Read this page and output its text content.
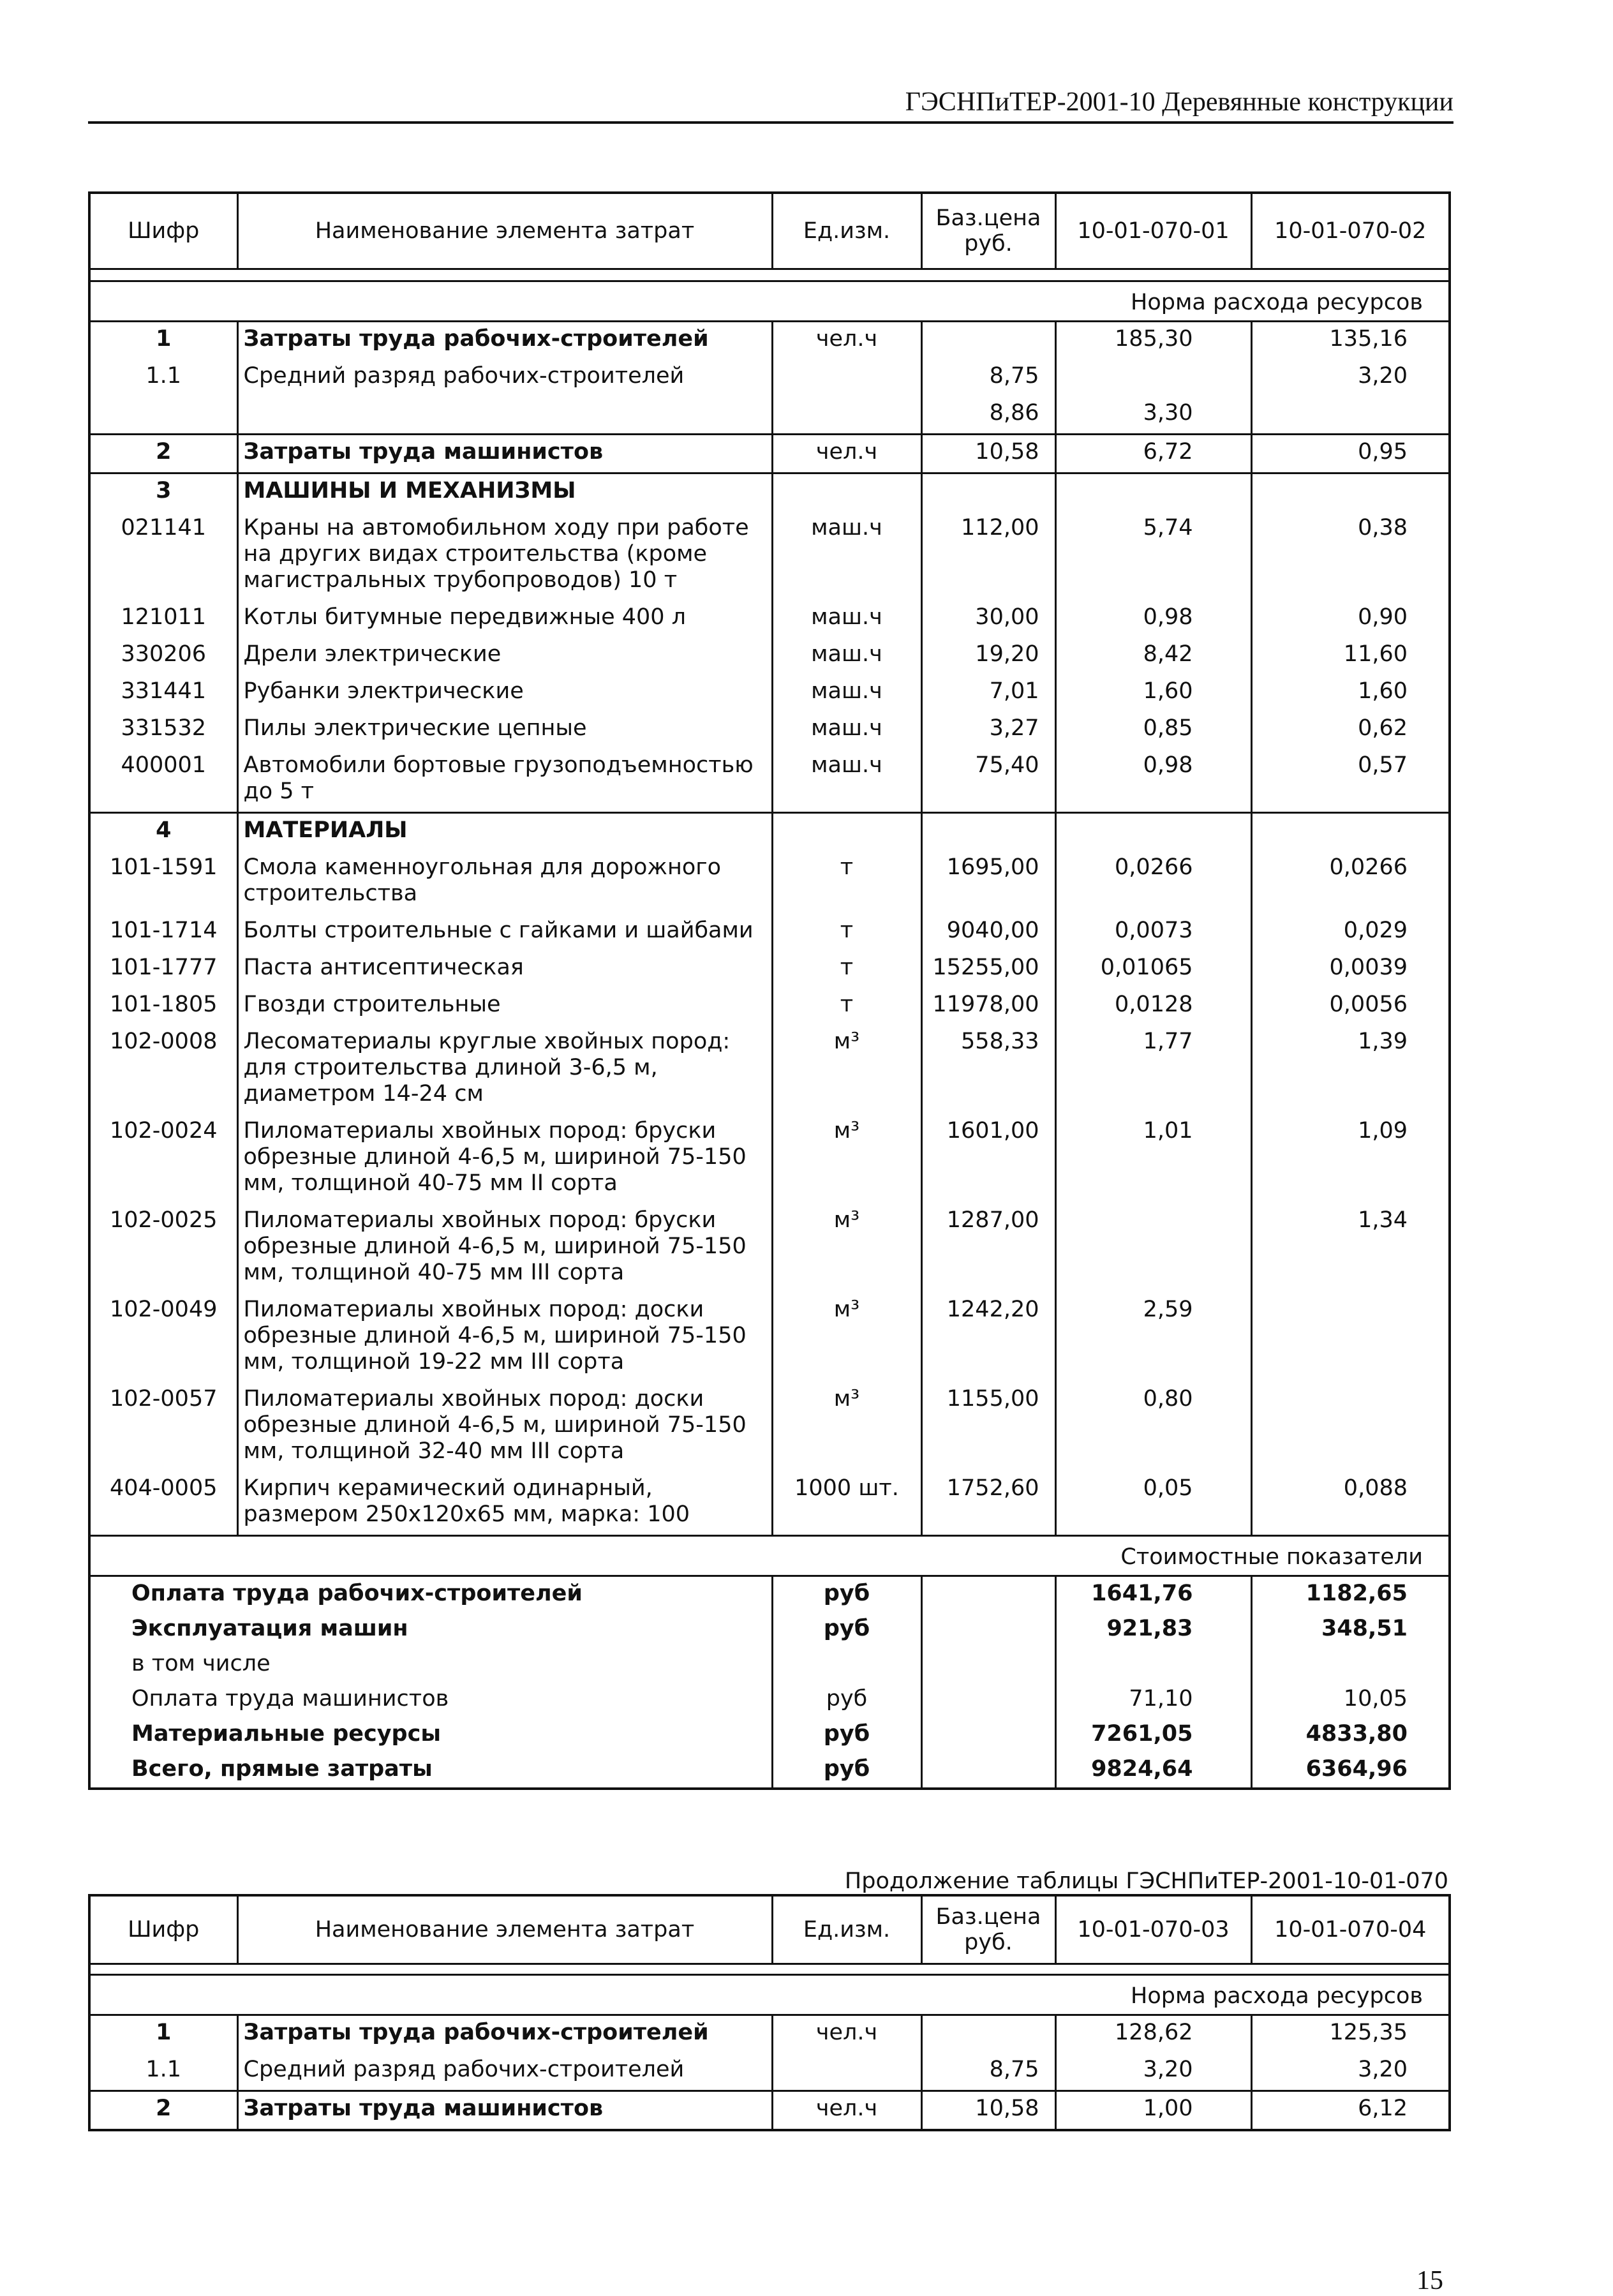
ГЭСНПиТЕР-2001-10 Деревянные конструкции
Шифр	Наименование элемента затрат	Ед.изм.	Баз.цена руб.	10-01-070-01	10-01-070-02

Норма расхода ресурсов					
1	Затраты труда рабочих-строителей	чел.ч		185,30	135,16
1.1	Средний разряд рабочих-строителей		8,75		3,20
			8,86	3,30	
2	Затраты труда машинистов	чел.ч	10,58	6,72	0,95
3	МАШИНЫ И МЕХАНИЗМЫ				
021141	Краны на автомобильном ходу при работе на других видах строительства (кроме магистральных трубопроводов) 10 т	маш.ч	112,00	5,74	0,38
121011	Котлы битумные передвижные 400 л	маш.ч	30,00	0,98	0,90
330206	Дрели электрические	маш.ч	19,20	8,42	11,60
331441	Рубанки электрические	маш.ч	7,01	1,60	1,60
331532	Пилы электрические цепные	маш.ч	3,27	0,85	0,62
400001	Автомобили бортовые грузоподъемностью до 5 т	маш.ч	75,40	0,98	0,57
4	МАТЕРИАЛЫ				
101-1591	Смола каменноугольная для дорожного строительства	т	1695,00	0,0266	0,0266
101-1714	Болты строительные с гайками и шайбами	т	9040,00	0,0073	0,029
101-1777	Паста антисептическая	т	15255,00	0,01065	0,0039
101-1805	Гвозди строительные	т	11978,00	0,0128	0,0056
102-0008	Лесоматериалы круглые хвойных пород: для строительства длиной 3-6,5 м, диаметром 14-24 см	м³	558,33	1,77	1,39
102-0024	Пиломатериалы хвойных пород: бруски обрезные длиной 4-6,5 м, шириной 75-150 мм, толщиной 40-75 мм II сорта	м³	1601,00	1,01	1,09
102-0025	Пиломатериалы хвойных пород: бруски обрезные длиной 4-6,5 м, шириной 75-150 мм, толщиной 40-75 мм III сорта	м³	1287,00		1,34
102-0049	Пиломатериалы хвойных пород: доски обрезные длиной 4-6,5 м, шириной 75-150 мм, толщиной 19-22 мм III сорта	м³	1242,20	2,59	
102-0057	Пиломатериалы хвойных пород: доски обрезные длиной 4-6,5 м, шириной 75-150 мм, толщиной 32-40 мм III сорта	м³	1155,00	0,80	
404-0005	Кирпич керамический одинарный, размером 250х120х65 мм, марка: 100	1000 шт.	1752,60	0,05	0,088
Стоимостные показатели					
Оплата труда рабочих-строителей		руб		1641,76	1182,65
Эксплуатация машин		руб		921,83	348,51
в том числе					
Оплата труда машинистов		руб		71,10	10,05
Материальные ресурсы		руб		7261,05	4833,80
Всего, прямые затраты		руб		9824,64	6364,96
Продолжение таблицы ГЭСНПиТЕР-2001-10-01-070
Шифр	Наименование элемента затрат	Ед.изм.	Баз.цена руб.	10-01-070-03	10-01-070-04

Норма расхода ресурсов					
1	Затраты труда рабочих-строителей	чел.ч		128,62	125,35
1.1	Средний разряд рабочих-строителей		8,75	3,20	3,20
2	Затраты труда машинистов	чел.ч	10,58	1,00	6,12
15
